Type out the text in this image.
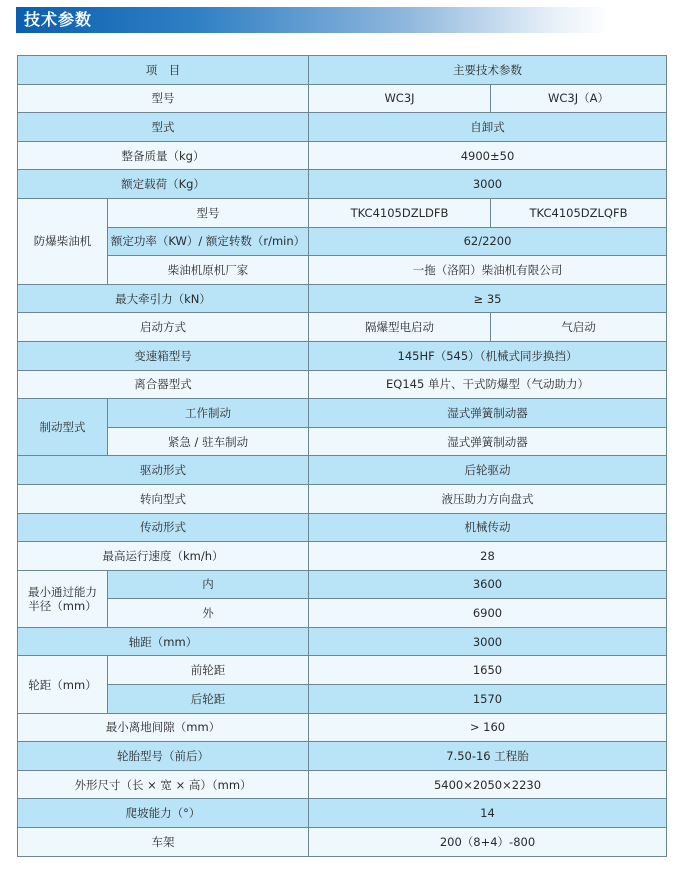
技术参数
项　目		主要技术参数	
型号		WC3J	WC3J（A）
型式		自卸式	
整备质量（kg）		4900±50	
额定载荷（Kg）		3000	
防爆柴油机	型号	TKC4105DZLDFB	TKC4105DZLQFB
	额定功率（KW）/ 额定转数（r/min）	62/2200	
	柴油机原机厂家	一拖（洛阳）柴油机有限公司	
最大牵引力（kN）		≥ 35	
启动方式		隔爆型电启动	气启动
变速箱型号		145HF（545）（机械式同步换挡）	
离合器型式		EQ145 单片、干式防爆型（气动助力）	
制动型式	工作制动	湿式弹簧制动器	
	紧急 / 驻车制动	湿式弹簧制动器	
驱动形式		后轮驱动	
转向型式		液压助力方向盘式	
传动形式		机械传动	
最高运行速度（km/h）		28	

最小通过能力
半径（mm）	内	3600	
	外	6900	
轴距（mm）		3000	
轮距（mm）	前轮距	1650	
	后轮距	1570	
最小离地间隙（mm）		> 160	
轮胎型号（前后）		7.50-16 工程胎	
外形尺寸（长 × 宽 × 高）（mm）		5400×2050×2230	
爬坡能力（°）		14	
车架		200（8+4）-800	
